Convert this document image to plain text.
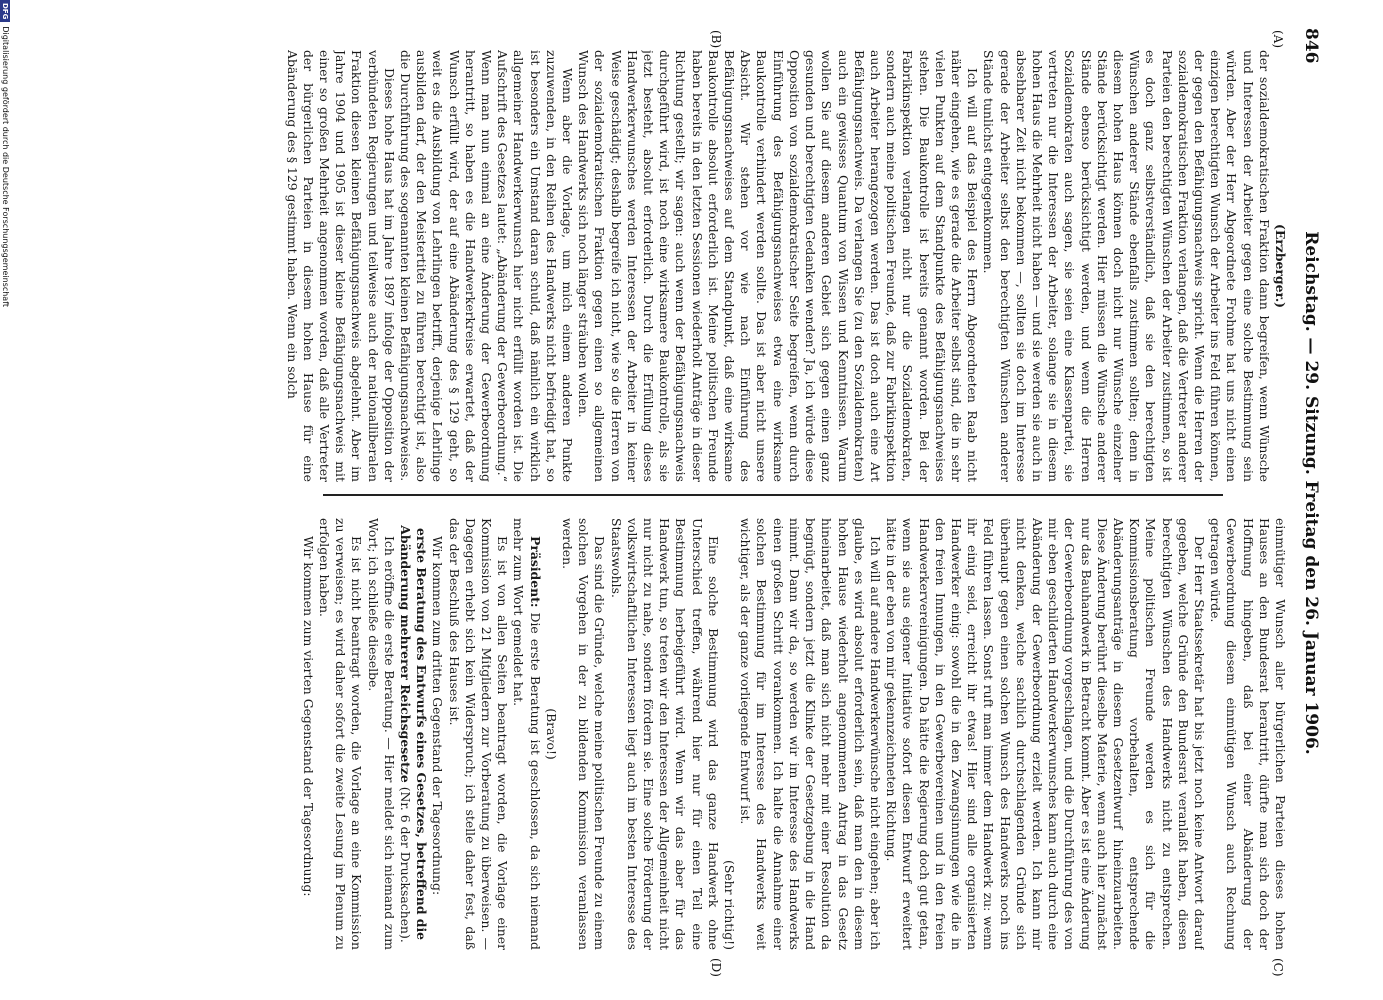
846
Reichstag. — 29. Sitzung. Freitag den 26. Januar 1906.
(A)
(B)
(C)
(D)

(Erzberger.)

der sozialdemokratischen Fraktion dann begreifen, wenn Wünsche und Interessen der Arbeiter gegen eine solche Bestimmung sein würden. Aber der Herr Abgeordnete Frohme hat uns nicht einen einzigen berechtigten Wunsch der Arbeiter ins Feld führen können, der gegen den Befähigungsnachweis spricht. Wenn die Herren der sozialdemokratischen Fraktion verlangen, daß die Vertreter anderer Parteien den berechtigten Wünschen der Arbeiter zustimmen, so ist es doch ganz selbstverständlich, daß sie den berechtigten Wünschen anderer Stände ebenfalls zustimmen sollten; denn in diesem hohen Haus können doch nicht nur Wünsche einzelner Stände berücksichtigt werden. Hier müssen die Wünsche anderer Stände ebenso berücksichtigt werden, und wenn die Herren Sozialdemokraten auch sagen, sie seien eine Klassenpartei, sie vertreten nur die Interessen der Arbeiter, solange sie in diesem hohen Haus die Mehrheit nicht haben — und sie werden sie auch in absehbarer Zeit nicht bekommen —, sollten sie doch im Interesse gerade der Arbeiter selbst den berechtigten Wünschen anderer Stände tunlichst entgegenkommen.

Ich will auf das Beispiel des Herrn Abgeordneten Raab nicht näher eingehen, wie es gerade die Arbeiter selbst sind, die in sehr vielen Punkten auf dem Standpunkte des Befähigungsnachweises stehen. Die Baukontrolle ist bereits genannt worden. Bei der Fabrikinspektion verlangen nicht nur die Sozialdemokraten, sondern auch meine politischen Freunde, daß zur Fabrikinspektion auch Arbeiter herangezogen werden. Das ist doch auch eine Art Befähigungsnachweis. Da verlangen Sie (zu den Sozialdemokraten) auch ein gewisses Quantum von Wissen und Kenntnissen. Warum wollen Sie auf diesem anderen Gebiet sich gegen einen ganz gesunden und berechtigten Gedanken wenden? Ja, ich würde diese Opposition von sozialdemokratischer Seite begreifen, wenn durch Einführung des Befähigungsnachweises etwa eine wirksame Baukontrolle verhindert werden sollte. Das ist aber nicht unsere Absicht. Wir stehen vor wie nach Einführung des Befähigungsnachweises auf dem Standpunkt, daß eine wirksame Baukontrolle absolut erforderlich ist. Meine politischen Freunde haben bereits in den letzten Sessionen wiederholt Anträge in dieser Richtung gestellt; wir sagen: auch wenn der Befähigungsnachweis durchgeführt wird, ist noch eine wirksamere Baukontrolle, als sie jetzt besteht, absolut erforderlich. Durch die Erfüllung dieses Handwerkerwunsches werden Interessen der Arbeiter in keiner Weise geschädigt; deshalb begreife ich nicht, wie so die Herren von der sozialdemokratischen Fraktion gegen einen so allgemeinen Wunsch des Handwerks sich noch länger sträuben wollen.

Wenn aber die Vorlage, um mich einem anderen Punkte zuzuwenden, in den Reihen des Handwerks nicht befriedigt hat, so ist besonders ein Umstand daran schuld, daß nämlich ein wirklich allgemeiner Handwerkerwunsch hier nicht erfüllt worden ist. Die Aufschrift des Gesetzes lautet: „Abänderung der Gewerbeordnung.“ Wenn man nun einmal an eine Änderung der Gewerbeordnung herantritt, so haben es die Handwerkerkreise erwartet, daß der Wunsch erfüllt wird, der auf eine Abänderung des § 129 geht, so weit es die Ausbildung von Lehrlingen betrifft, derjenige Lehrlinge ausbilden darf, der den Meistertitel zu führen berechtigt ist, also die Durchführung des sogenannten kleinen Befähigungsnachweises.

Dieses hohe Haus hat im Jahre 1897 infolge der Opposition der verbündeten Regierungen und teilweise auch der nationalliberalen Fraktion diesen kleinen Befähigungsnachweis abgelehnt. Aber im Jahre 1904 und 1905 ist dieser kleine Befähigungsnachweis mit einer so großen Mehrheit angenommen worden, daß alle Vertreter der bürgerlichen Parteien in diesem hohen Hause für eine Abänderung des § 129 gestimmt haben. Wenn ein solch

einmütiger Wunsch aller bürgerlichen Parteien dieses hohen Hauses an den Bundesrat herantritt, dürfte man sich doch der Hoffnung hingeben, daß bei einer Abänderung der Gewerbeordnung diesem einmütigen Wunsch auch Rechnung getragen würde.

Der Herr Staatssekretär hat bis jetzt noch keine Antwort darauf gegeben, welche Gründe den Bundesrat veranlaßt haben, diesen berechtigten Wünschen des Handwerks nicht zu entsprechen. Meine politischen Freunde werden es sich für die Kommissionsberatung vorbehalten, entsprechende Abänderungsanträge in diesem Gesetzentwurf hineinzuarbeiten. Diese Änderung berührt dieselbe Materie, wenn auch hier zunächst nur das Bauhandwerk in Betracht kommt. Aber es ist eine Änderung der Gewerbeordnung vorgeschlagen, und die Durchführung des von mir eben geschilderten Handwerkerwunsches kann auch durch eine Abänderung der Gewerbeordnung erzielt werden. Ich kann mir nicht denken, welche sachlich durchschlagenden Gründe sich überhaupt gegen einen solchen Wunsch des Handwerks noch ins Feld führen lassen. Sonst ruft man immer dem Handwerk zu: wenn ihr einig seid, erreicht ihr etwas! Hier sind alle organisierten Handwerker einig: sowohl die in den Zwangsinnungen wie die in den freien Innungen, in den Gewerbevereinen und in den freien Handwerkervereinigungen. Da hätte die Regierung doch gut getan, wenn sie aus eigener Initiative sofort diesen Entwurf erweitert hätte in der eben von mir gekennzeichneten Richtung.

Ich will auf andere Handwerkerwünsche nicht eingehen; aber ich glaube, es wird absolut erforderlich sein, daß man den in diesem hohen Hause wiederholt angenommenen Antrag in das Gesetz hineinarbeitet, daß man sich nicht mehr mit einer Resolution da begnügt, sondern jetzt die Klinke der Gesetzgebung in die Hand nimmt. Dann wir da, so werden wir im Interesse des Handwerks einen großen Schritt vorankommen. Ich halte die Annahme einer solchen Bestimmung für im Interesse des Handwerks weit wichtiger, als der ganze vorliegende Entwurf ist.

(Sehr richtig!)

Eine solche Bestimmung wird das ganze Handwerk ohne Unterschied treffen, während hier nur für einen Teil eine Bestimmung herbeigeführt wird. Wenn wir das aber für das Handwerk tun, so treten wir den Interessen der Allgemeinheit nicht nur nicht zu nahe, sondern fördern sie. Eine solche Förderung der volkswirtschaftlichen Interessen liegt auch im besten Interesse des Staatswohls.

Das sind die Gründe, welche meine politischen Freunde zu einem solchen Vorgehen in der zu bildenden Kommission veranlassen werden.

(Bravo!)

Präsident: Die erste Beratung ist geschlossen, da sich niemand mehr zum Wort gemeldet hat.

Es ist von allen Seiten beantragt worden, die Vorlage einer Kommission von 21 Mitgliedern zur Vorberatung zu überweisen. — Dagegen erhebt sich kein Widerspruch; ich stelle daher fest, daß das der Beschluß des Hauses ist.

Wir kommen zum dritten Gegenstand der Tagesordnung:

erste Beratung des Entwurfs eines Gesetzes, betreffend die Abänderung mehrerer Reichsgesetze (Nr. 6 der Drucksachen).

Ich eröffne die erste Beratung. — Hier meldet sich niemand zum Wort; ich schließe dieselbe.

Es ist nicht beantragt worden, die Vorlage an eine Kommission zu verweisen; es wird daher sofort die zweite Lesung im Plenum zu erfolgen haben.

Wir kommen zum vierten Gegenstand der Tagesordnung:

DFGDigitalisierung gefördert durch die Deutsche Forschungsgemeinschaft
